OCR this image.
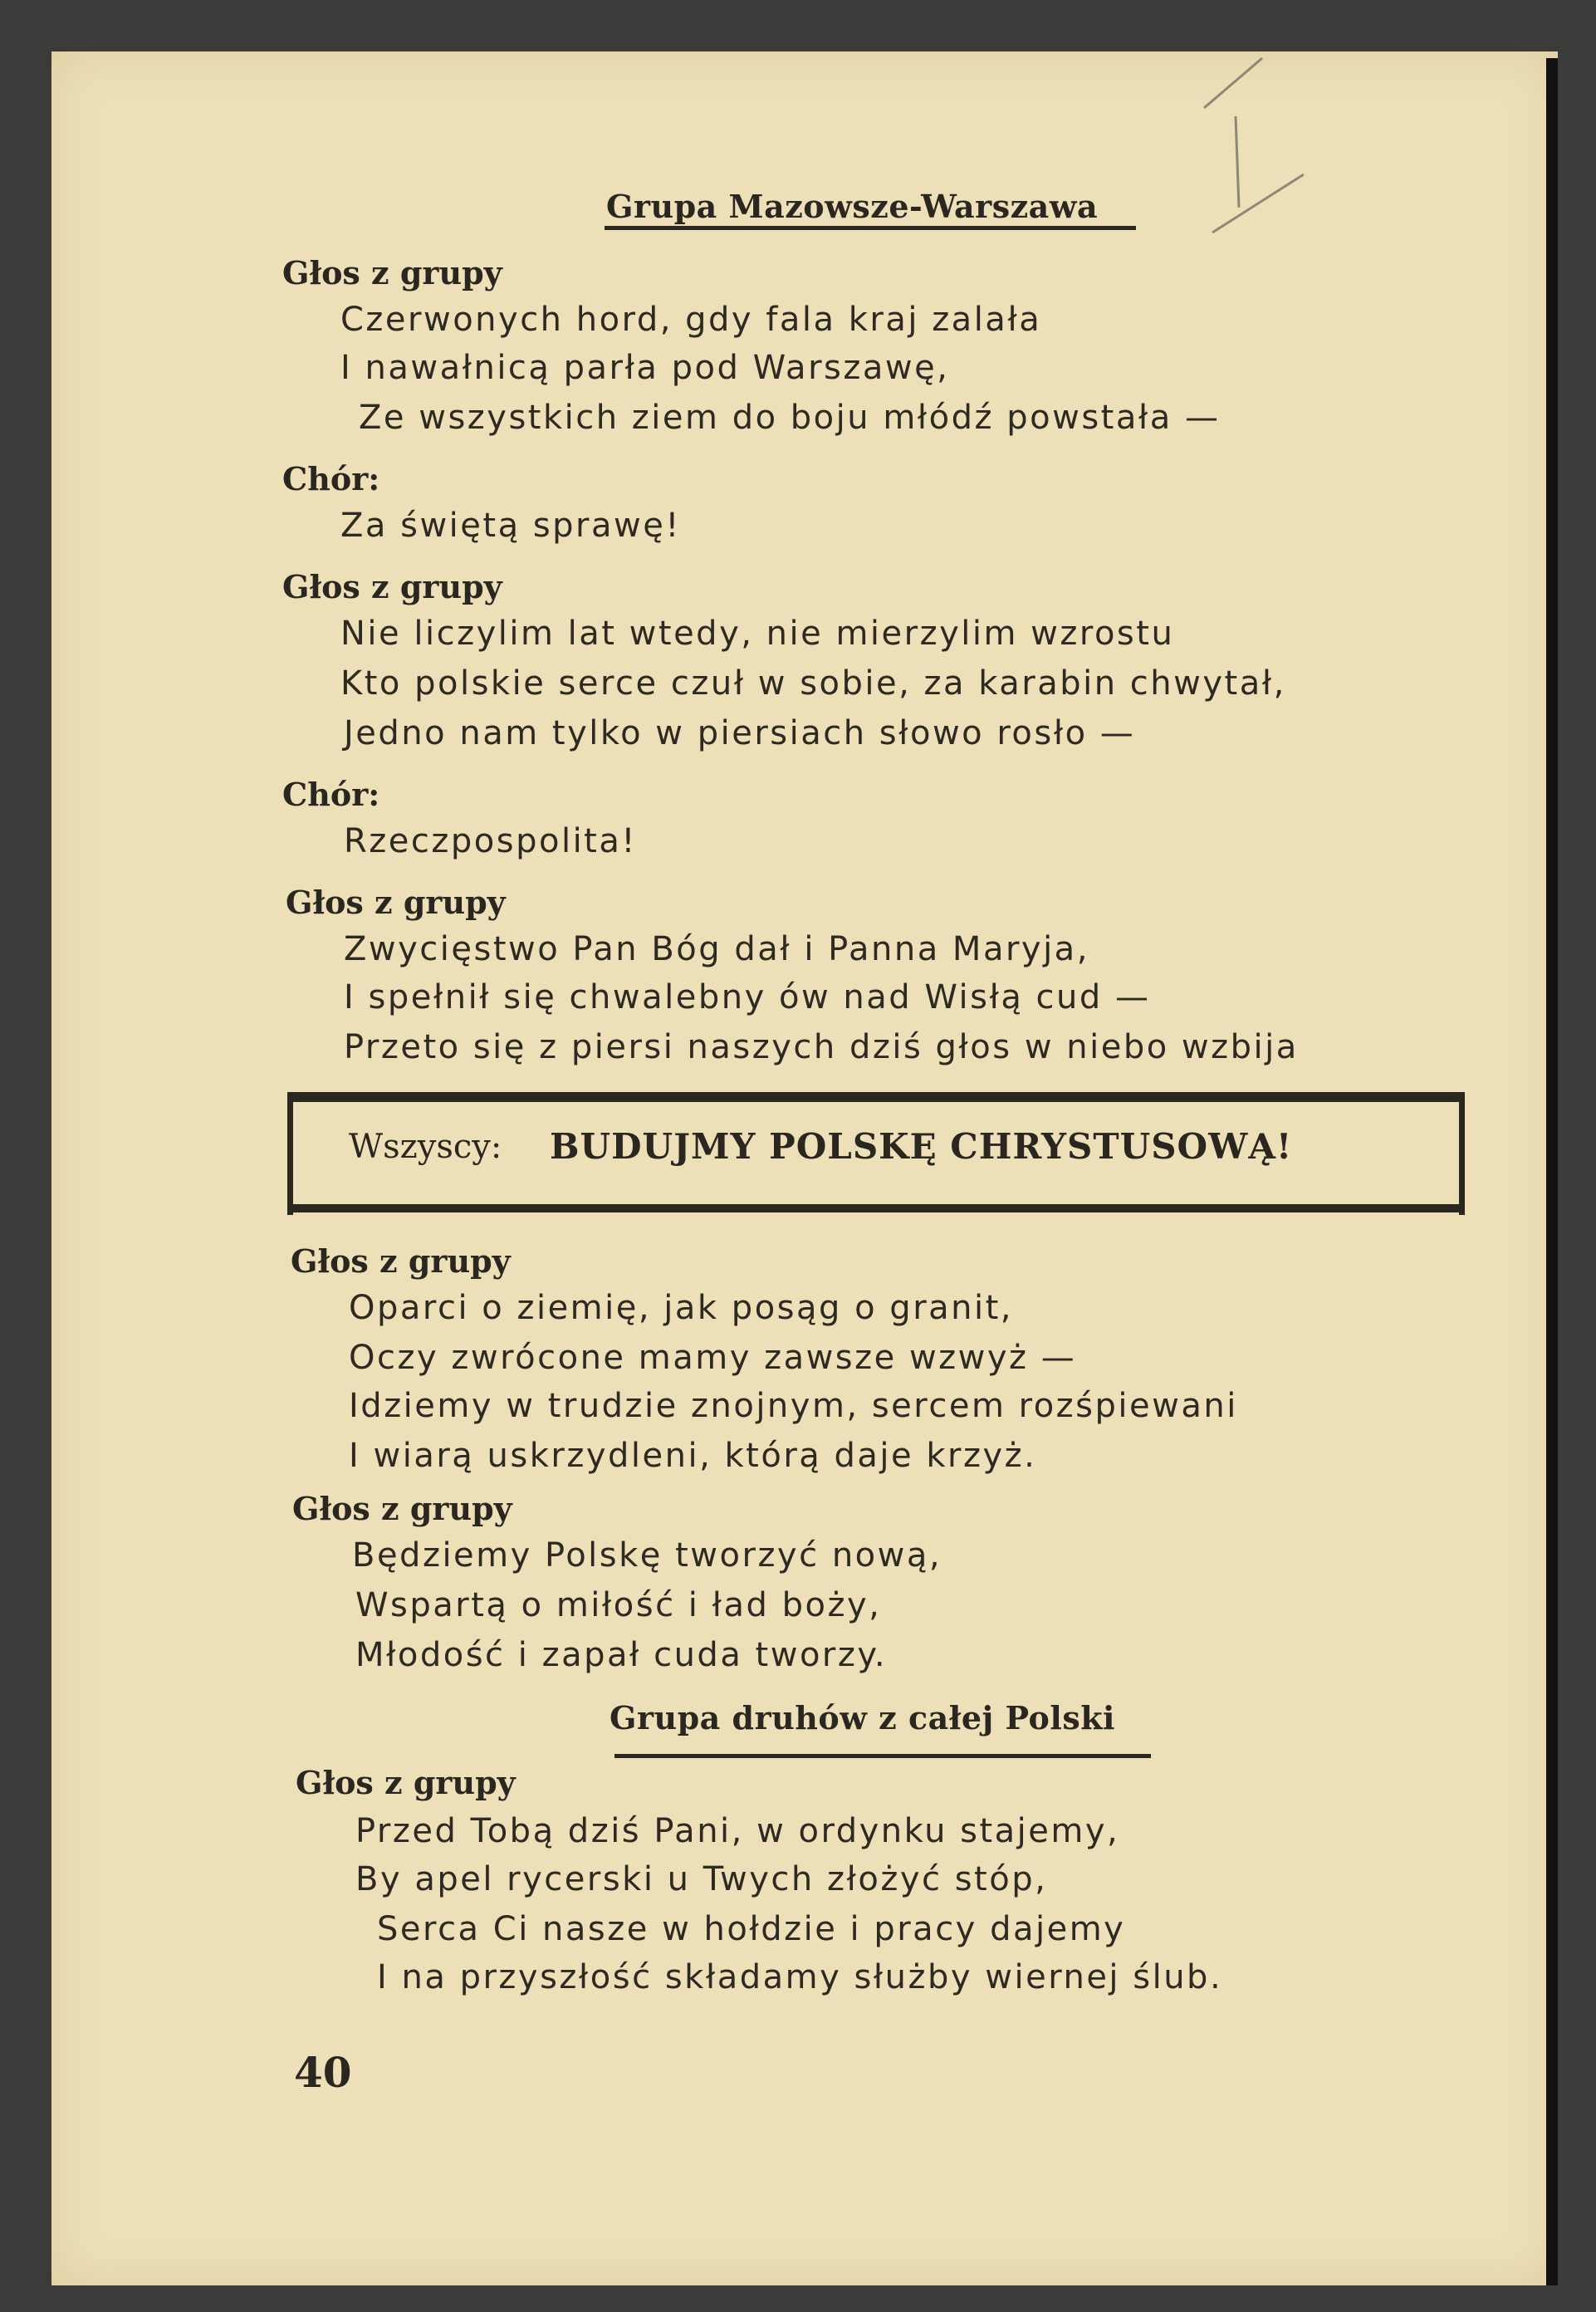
Grupa Mazowsze-Warszawa
Głos z grupy
Czerwonych hord, gdy fala kraj zalała
I nawałnicą parła pod Warszawę,
Ze wszystkich ziem do boju młódź powstała —
Chór:
Za świętą sprawę!
Głos z grupy
Nie liczylim lat wtedy, nie mierzylim wzrostu
Kto polskie serce czuł w sobie, za karabin chwytał,
Jedno nam tylko w piersiach słowo rosło —
Chór:
Rzeczpospolita!
Głos z grupy
Zwycięstwo Pan Bóg dał i Panna Maryja,
I spełnił się chwalebny ów nad Wisłą cud —
Przeto się z piersi naszych dziś głos w niebo wzbija
Wszyscy: BUDUJMY POLSKĘ CHRYSTUSOWĄ!
Głos z grupy
Oparci o ziemię, jak posąg o granit,
Oczy zwrócone mamy zawsze wzwyż —
Idziemy w trudzie znojnym, sercem rozśpiewani
I wiarą uskrzydleni, którą daje krzyż.
Głos z grupy
Będziemy Polskę tworzyć nową,
Wspartą o miłość i ład boży,
Młodość i zapał cuda tworzy.
Grupa druhów z całej Polski
Głos z grupy
Przed Tobą dziś Pani, w ordynku stajemy,
By apel rycerski u Twych złożyć stóp,
Serca Ci nasze w hołdzie i pracy dajemy
I na przyszłość składamy służby wiernej ślub.
40
